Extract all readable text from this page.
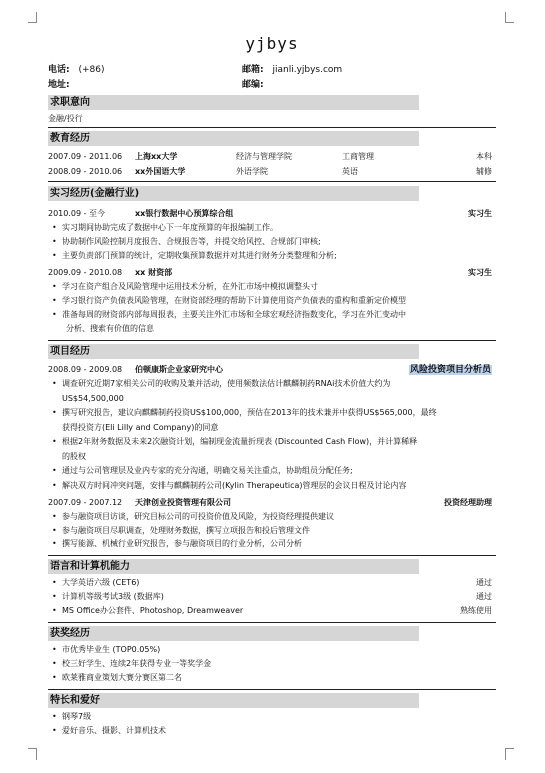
yjbys
电话: (+86)	邮箱: jianli.yjbys.com
地址:	邮编:
求职意向
金融/投行
教育经历
实习经历(金融行业)
项目经历
语言和计算机能力
获奖经历
特长和爱好
2007.09 - 2011.06 上海xx大学	经济与管理学院	工商管理	本科
2008.09 - 2010.06 xx外国语大学	外语学院	英语	辅修
2010.09 - 至今	xx银行数据中心预算综合组	实习生
• 实习期间协助完成了数据中心下一年度预算的年报编制工作。
• 协助制作风险控制月度报告、合规报告等，并提交给风控、合规部门审核;
• 主要负责部门预算的统计，定期收集预算数据并对其进行财务分类整理和分析;
2009.09 - 2010.08 xx 财资部	实习生
• 学习在资产组合及风险管理中运用技术分析，在外汇市场中模拟调整头寸
• 学习银行资产负债表风险管理，在财资部经理的帮助下计算使用资产负债表的重构和重新定价模型
• 准备每周的财资部内部每周报表，主要关注外汇市场和全球宏观经济指数变化，学习在外汇变动中
分析、搜索有价值的信息
2008.09 - 2009.08 伯顿康斯企业家研究中心	风险投资项目分析员
• 调查研究近期7家相关公司的收购及兼并活动，使用频数法估计麒麟制药RNAi技术价值大约为
US$54,500,000
• 撰写研究报告，建议向麒麟制药投资US$100,000，预估在2013年的技术兼并中获得US$565,000，最终
获得投资方(Eli Lilly and Company)的同意
• 根据2年财务数据及未来2次融资计划，编制现金流量折现表 (Discounted Cash Flow)，并计算稀释
的股权
• 通过与公司管理层及业内专家的充分沟通，明确交易关注重点，协助组员分配任务;
• 解决双方时间冲突问题，安排与麒麟制药公司(Kylin Therapeutica)管理层的会议日程及讨论内容
2007.09 - 2007.12 天津创业投资管理有限公司	投资经理助理
• 参与融资项目访谈，研究目标公司的可投资价值及风险，为投资经理提供建议
• 参与融资项目尽职调查，处理财务数据，撰写立项报告和投后管理文件
• 撰写能源、机械行业研究报告，参与融资项目的行业分析，公司分析
• 大学英语六级 (CET6)	通过
• 计算机等级考试3级 (数据库)	通过
• MS Office办公套件、Photoshop, Dreamweaver	熟练使用
• 市优秀毕业生 (TOP0.05%)
• 校三好学生、连续2年获得专业一等奖学金
• 欧莱雅商业策划大赛分赛区第二名
• 钢琴7级
• 爱好音乐、摄影、计算机技术
